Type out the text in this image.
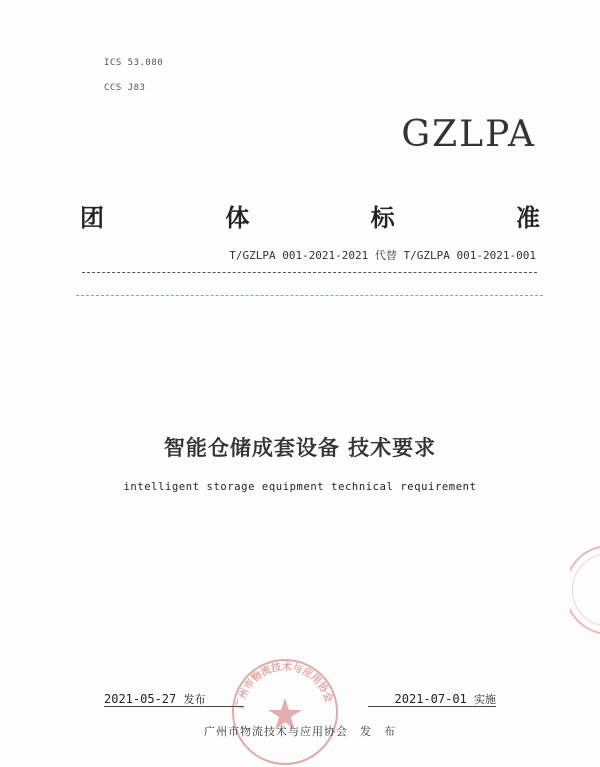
ICS 53.080
CCS J83
GZLPA
团	体	标	准
T/GZLPA 001-2021-2021 代替 T/GZLPA 001-2021-001
智能仓储成套设备 技术要求
intelligent storage equipment technical requirement
广州市物流技术与应用协会
2021-05-27 发布	2021-07-01 实施
广州市物流技术与应用协会　发　布
